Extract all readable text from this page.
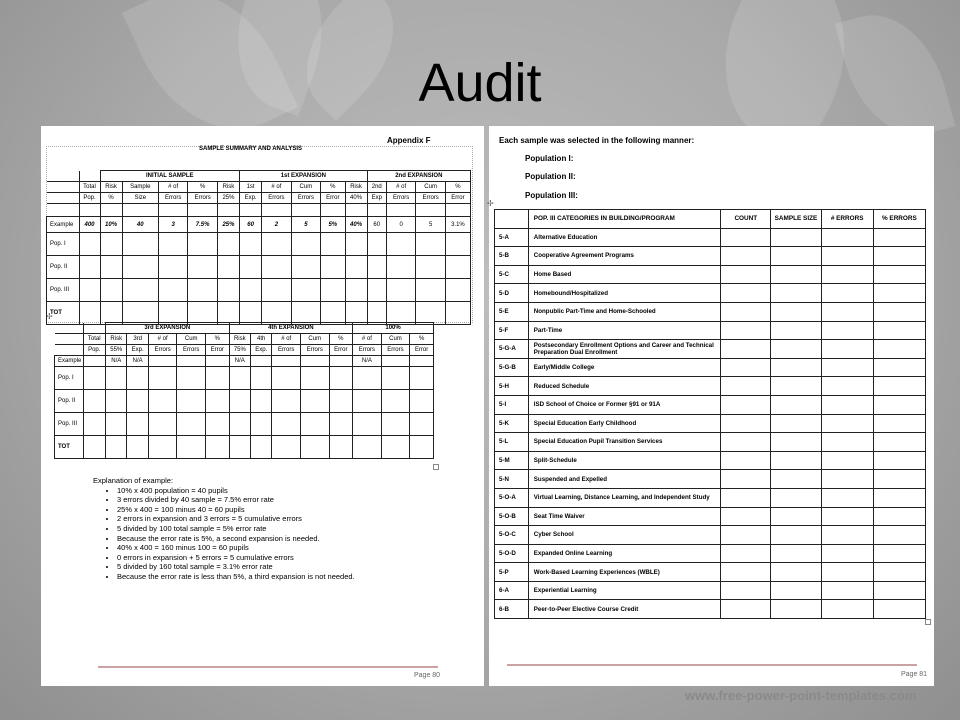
Audit
Appendix F
SAMPLE SUMMARY AND ANALYSIS
✢
		INITIAL SAMPLE					1st EXPANSION					2nd EXPANSION			
	Total	Risk	Sample	# of	%	Risk	1st	# of	Cum	%	Risk	2nd	# of	Cum	%
	Pop.	%	Size	Errors	Errors	25%	Exp.	Errors	Errors	Error	40%	Exp	Errors	Errors	Error

Example	400	10%	40	3	7.5%	25%	60	2	5	5%	40%	60	0	5	3.1%
Pop. I															
Pop. II															
Pop. III															
TOT															
		3rd EXPANSION					4th EXPANSION					100%		
	Total	Risk	3rd	# of	Cum	%	Risk	4th	# of	Cum	%	# of	Cum	%
	Pop.	55%	Exp.	Errors	Errors	Error	75%	Exp.	Errors	Errors	Error	Errors	Errors	Error
Example		N/A	N/A				N/A					N/A		
Pop. I														
Pop. II														
Pop. III														
TOT														
Explanation of example:
• 10% x 400 population = 40 pupils
• 3 errors divided by 40 sample = 7.5% error rate
• 25% x 400 = 100 minus 40 = 60 pupils
• 2 errors in expansion and 3 errors = 5 cumulative errors
• 5 divided by 100 total sample = 5% error rate
• Because the error rate is 5%, a second expansion is needed.
• 40% x 400 = 160 minus 100 = 60 pupils
• 0 errors in expansion + 5 errors = 5 cumulative errors
• 5 divided by 160 total sample = 3.1% error rate
• Because the error rate is less than 5%, a third expansion is not needed.
Page 80
Each sample was selected in the following manner:
Population I:
Population II:
Population III:
✢
	POP. III CATEGORIES IN BUILDING/PROGRAM	COUNT	SAMPLE SIZE	# ERRORS	% ERRORS
5-A	Alternative Education				
5-B	Cooperative Agreement Programs				
5-C	Home Based				
5-D	Homebound/Hospitalized				
5-E	Nonpublic Part-Time and Home-Schooled				
5-F	Part-Time				
5-G-A	Postsecondary Enrollment Options and Career and Technical Preparation Dual Enrollment				
5-G-B	Early/Middle College				
5-H	Reduced Schedule				
5-I	ISD School of Choice or Former §91 or 91A				
5-K	Special Education Early Childhood				
5-L	Special Education Pupil Transition Services				
5-M	Split-Schedule				
5-N	Suspended and Expelled				
5-O-A	Virtual Learning, Distance Learning, and Independent Study				
5-O-B	Seat Time Waiver				
5-O-C	Cyber School				
5-O-D	Expanded Online Learning				
5-P	Work-Based Learning Experiences (WBLE)				
6-A	Experiential Learning				
6-B	Peer-to-Peer Elective Course Credit				
Page 81
www.free-power-point-templates.com
